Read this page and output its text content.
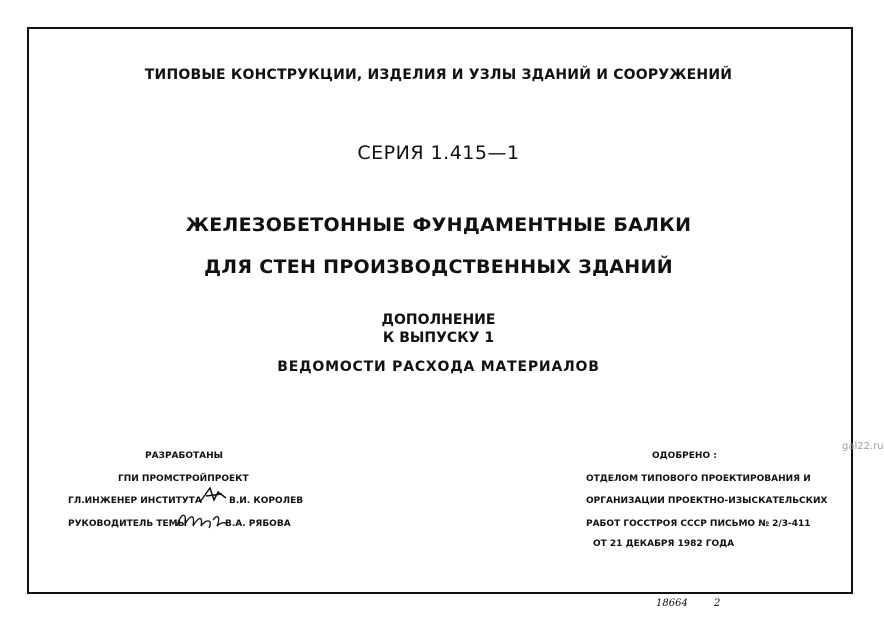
ТИПОВЫЕ КОНСТРУКЦИИ, ИЗДЕЛИЯ И УЗЛЫ ЗДАНИЙ И СООРУЖЕНИЙ
СЕРИЯ 1.415—1
ЖЕЛЕЗОБЕТОННЫЕ ФУНДАМЕНТНЫЕ БАЛКИ
ДЛЯ СТЕН ПРОИЗВОДСТВЕННЫХ ЗДАНИЙ
ДОПОЛНЕНИЕ
К ВЫПУСКУ 1
ВЕДОМОСТИ РАСХОДА МАТЕРИАЛОВ
РАЗРАБОТАНЫ
ГПИ ПРОМСТРОЙПРОЕКТ
ГЛ.ИНЖЕНЕР ИНСТИТУТА	В.И. КОРОЛЕВ
РУКОВОДИТЕЛЬ ТЕМЫ	В.А. РЯБОВА
ОДОБРЕНО :
ОТДЕЛОМ ТИПОВОГО ПРОЕКТИРОВАНИЯ И
ОРГАНИЗАЦИИ ПРОЕКТНО-ИЗЫСКАТЕЛЬСКИХ
РАБОТ ГОССТРОЯ СССР ПИСЬМО № 2/3-411
ОТ 21 ДЕКАБРЯ 1982 ГОДА
18664	2
gal22.ru
